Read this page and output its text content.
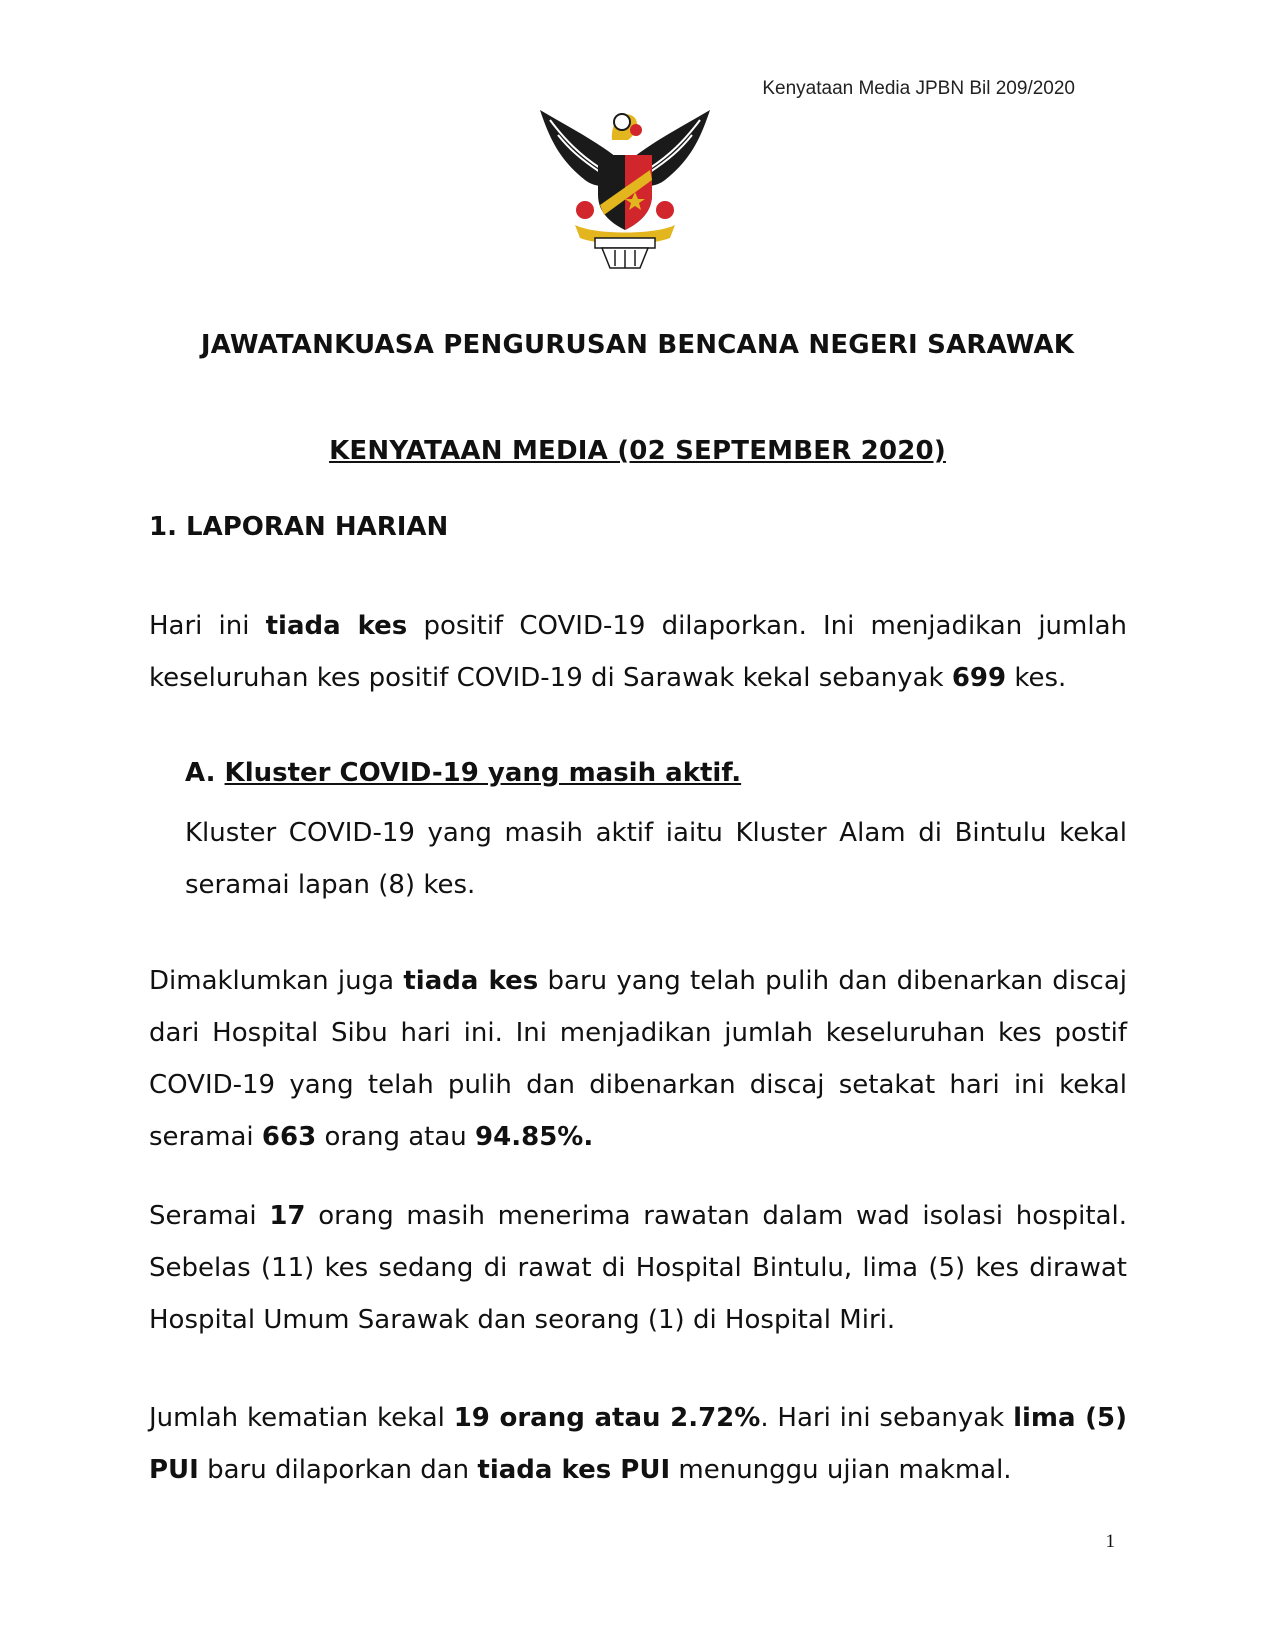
Kenyataan Media JPBN Bil 209/2020
JAWATANKUASA PENGURUSAN BENCANA NEGERI SARAWAK
KENYATAAN MEDIA (02 SEPTEMBER 2020)
1. LAPORAN HARIAN
Hari ini tiada kes positif COVID-19 dilaporkan. Ini menjadikan jumlah keseluruhan kes positif COVID-19 di Sarawak kekal sebanyak 699 kes.
A. Kluster COVID-19 yang masih aktif.
Kluster COVID-19 yang masih aktif iaitu Kluster Alam di Bintulu kekal seramai lapan (8) kes.
Dimaklumkan juga tiada kes baru yang telah pulih dan dibenarkan discaj dari Hospital Sibu hari ini. Ini menjadikan jumlah keseluruhan kes postif COVID-19 yang telah pulih dan dibenarkan discaj setakat hari ini kekal seramai 663 orang atau 94.85%.
Seramai 17 orang masih menerima rawatan dalam wad isolasi hospital. Sebelas (11) kes sedang di rawat di Hospital Bintulu, lima (5) kes dirawat Hospital Umum Sarawak dan seorang (1) di Hospital Miri.
Jumlah kematian kekal 19 orang atau 2.72%. Hari ini sebanyak lima (5) PUI baru dilaporkan dan tiada kes PUI menunggu ujian makmal.
1
